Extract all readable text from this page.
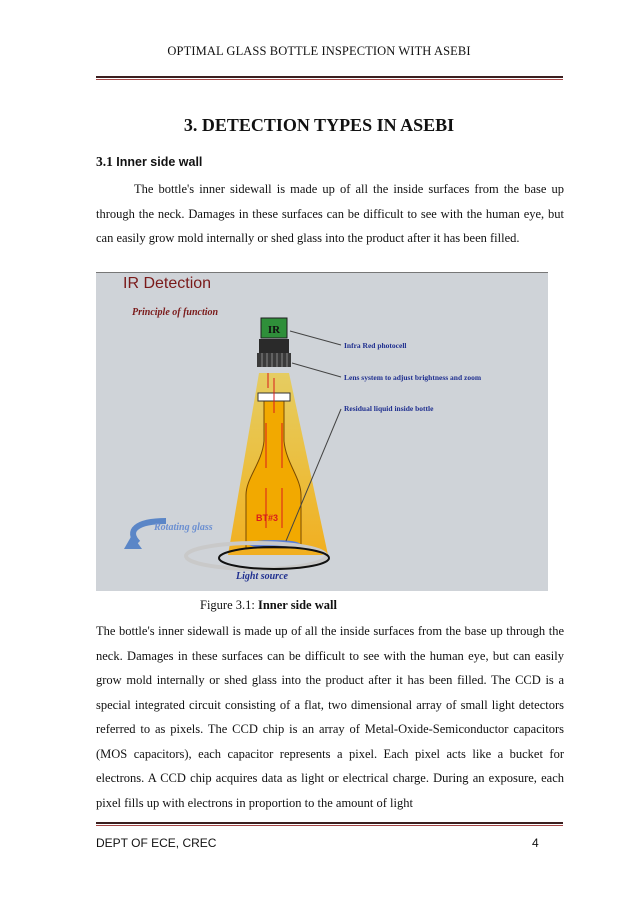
OPTIMAL GLASS BOTTLE INSPECTION WITH ASEBI
3. DETECTION TYPES IN ASEBI
3.1 Inner side wall

The bottle's inner sidewall is made up of all the inside surfaces from the base up through the neck. Damages in these surfaces can be difficult to see with the human eye, but can easily grow mold internally or shed glass into the product after it has been filled.

IR
BT#3
IR Detection
Principle of function
Infra Red photocell
Lens system to adjust brightness and zoom
Residual liquid inside bottle
Rotating glass
Light source
Figure 3.1: Inner side wall

The bottle's inner sidewall is made up of all the inside surfaces from the base up through the neck. Damages in these surfaces can be difficult to see with the human eye, but can easily grow mold internally or shed glass into the product after it has been filled. The CCD is a special integrated circuit consisting of a flat, two dimensional array of small light detectors referred to as pixels. The CCD chip is an array of Metal-Oxide-Semiconductor capacitors (MOS capacitors), each capacitor represents a pixel. Each pixel acts like a bucket for electrons. A CCD chip acquires data as light or electrical charge. During an exposure, each pixel fills up with electrons in proportion to the amount of light

DEPT OF ECE, CREC	4
